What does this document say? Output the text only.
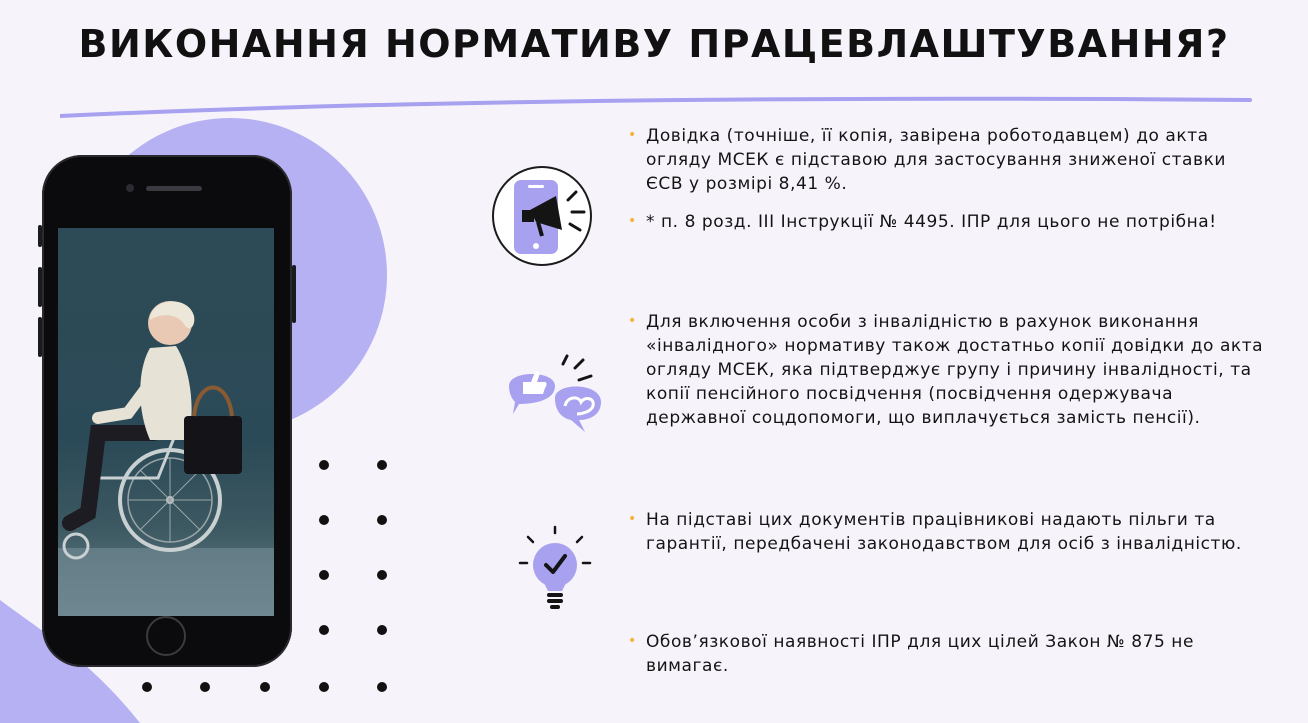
ВИКОНАННЯ НОРМАТИВУ ПРАЦЕВЛАШТУВАННЯ?
• Довідка (точніше, її копія, завірена роботодавцем) до акта огляду МСЕК є підставою для застосування зниженої ставки ЄСВ у розмірі 8,41 %.
• * п. 8 розд. ІІІ Інструкції № 4495. ІПР для цього не потрібна!
• Для включення особи з інвалідністю в рахунок виконання «інвалідного» нормативу також достатньо копії довідки до акта огляду МСЕК, яка підтверджує групу і причину інвалідності, та копії пенсійного посвідчення (посвідчення одержувача державної соцдопомоги, що виплачується замість пенсії).
• На підставі цих документів працівникові надають пільги та гарантії, передбачені законодавством для осіб з інвалідністю.
• Обов’язкової наявності ІПР для цих цілей Закон № 875 не вимагає.
